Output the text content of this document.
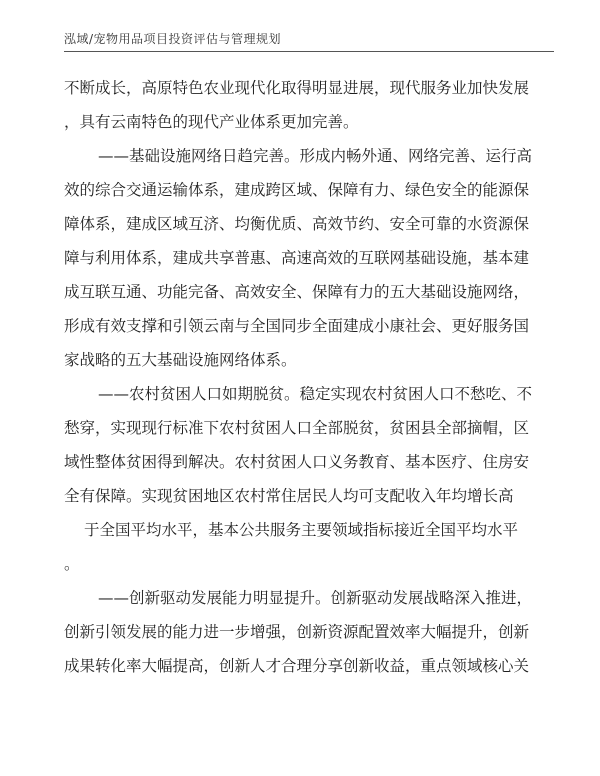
泓域/宠物用品项目投资评估与管理规划
不断成长，高原特色农业现代化取得明显进展，现代服务业加快发展
，具有云南特色的现代产业体系更加完善。
——基础设施网络日趋完善。形成内畅外通、网络完善、运行高
效的综合交通运输体系，建成跨区域、保障有力、绿色安全的能源保
障体系，建成区域互济、均衡优质、高效节约、安全可靠的水资源保
障与利用体系，建成共享普惠、高速高效的互联网基础设施，基本建
成互联互通、功能完备、高效安全、保障有力的五大基础设施网络，
形成有效支撑和引领云南与全国同步全面建成小康社会、更好服务国
家战略的五大基础设施网络体系。
——农村贫困人口如期脱贫。稳定实现农村贫困人口不愁吃、不
愁穿，实现现行标准下农村贫困人口全部脱贫，贫困县全部摘帽，区
域性整体贫困得到解决。农村贫困人口义务教育、基本医疗、住房安
全有保障。实现贫困地区农村常住居民人均可支配收入年均增长高
于全国平均水平，基本公共服务主要领域指标接近全国平均水平
。
——创新驱动发展能力明显提升。创新驱动发展战略深入推进，
创新引领发展的能力进一步增强，创新资源配置效率大幅提升，创新
成果转化率大幅提高，创新人才合理分享创新收益，重点领域核心关
